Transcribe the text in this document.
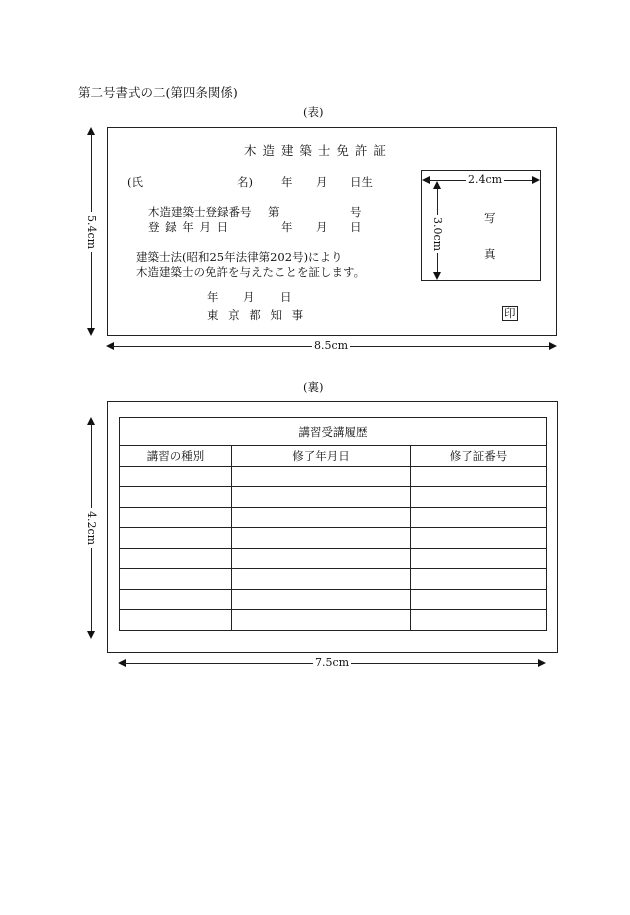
第二号書式の二(第四条関係)
(表)
木 造 建 築 士 免 許 証
(氏	名) 年 月 日生
木造建築士登録番号 第	号
登 録 年 月 日	年 月 日
建築士法(昭和25年法律第202号)により
木造建築士の免許を与えたことを証します。
年 月 日
東 京 都 知 事	印
2.4cm
3.0cm	写
真
5.4cm
8.5cm
(裏)
講習受講履歴		
講習の種別	修了年月日	修了証番号

4.2cm
7.5cm
